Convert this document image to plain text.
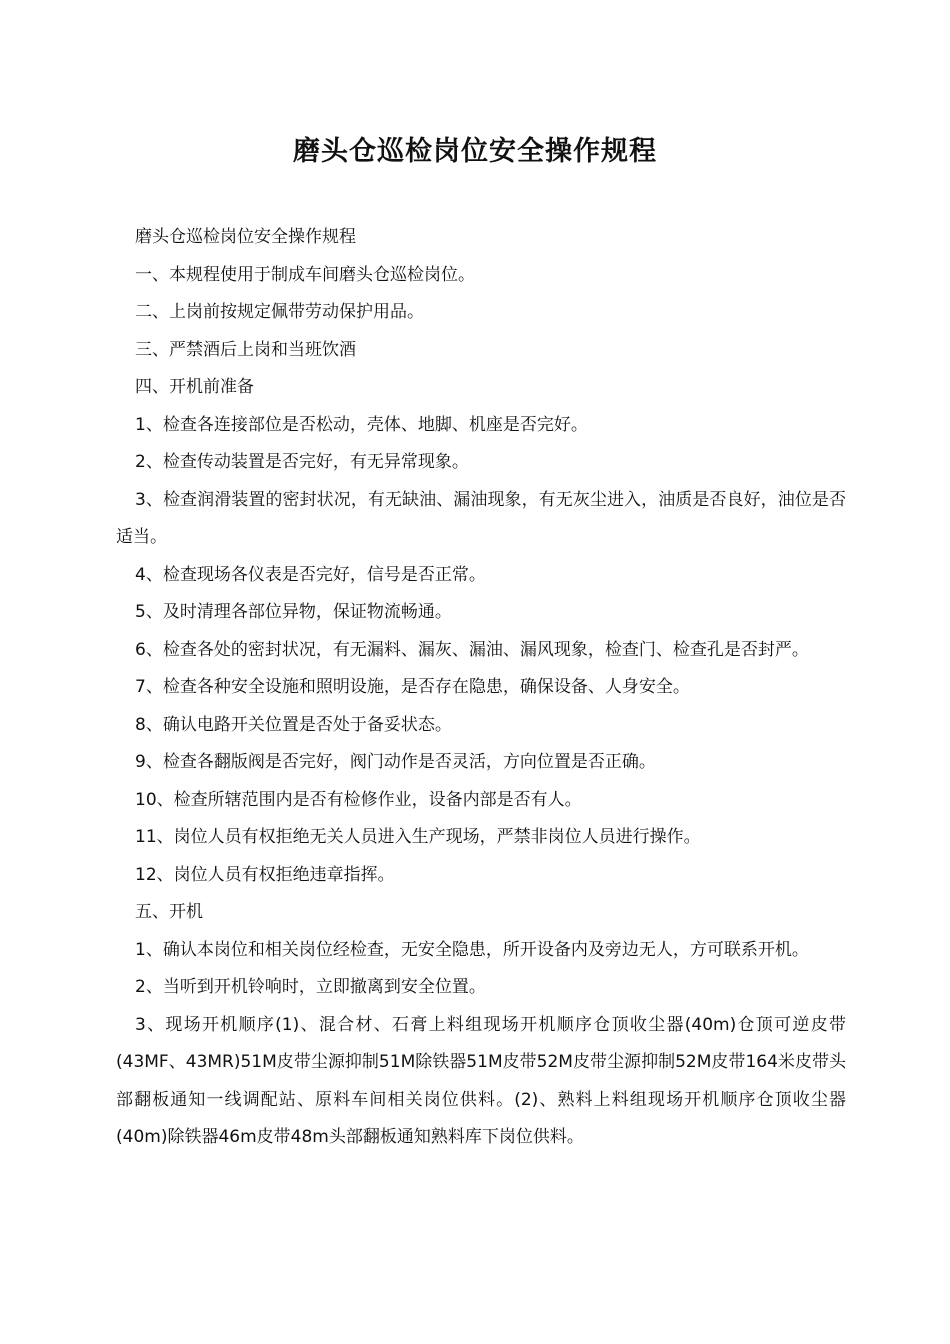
磨头仓巡检岗位安全操作规程

磨头仓巡检岗位安全操作规程

一、本规程使用于制成车间磨头仓巡检岗位。

二、上岗前按规定佩带劳动保护用品。

三、严禁酒后上岗和当班饮酒

四、开机前准备

1、检查各连接部位是否松动，壳体、地脚、机座是否完好。

2、检查传动装置是否完好，有无异常现象。

3、检查润滑装置的密封状况，有无缺油、漏油现象，有无灰尘进入，油质是否良好，油位是否适当。

4、检查现场各仪表是否完好，信号是否正常。

5、及时清理各部位异物，保证物流畅通。

6、检查各处的密封状况，有无漏料、漏灰、漏油、漏风现象，检查门、检查孔是否封严。

7、检查各种安全设施和照明设施，是否存在隐患，确保设备、人身安全。

8、确认电路开关位置是否处于备妥状态。

9、检查各翻版阀是否完好，阀门动作是否灵活，方向位置是否正确。

10、检查所辖范围内是否有检修作业，设备内部是否有人。

11、岗位人员有权拒绝无关人员进入生产现场，严禁非岗位人员进行操作。

12、岗位人员有权拒绝违章指挥。

五、开机

1、确认本岗位和相关岗位经检查，无安全隐患，所开设备内及旁边无人，方可联系开机。

2、当听到开机铃响时，立即撤离到安全位置。

3、现场开机顺序(1)、混合材、石膏上料组现场开机顺序仓顶收尘器(40m)仓顶可逆皮带(43MF、43MR)51M皮带尘源抑制51M除铁器51M皮带52M皮带尘源抑制52M皮带164米皮带头部翻板通知一线调配站、原料车间相关岗位供料。(2)、熟料上料组现场开机顺序仓顶收尘器(40m)除铁器46m皮带48m头部翻板通知熟料库下岗位供料。
